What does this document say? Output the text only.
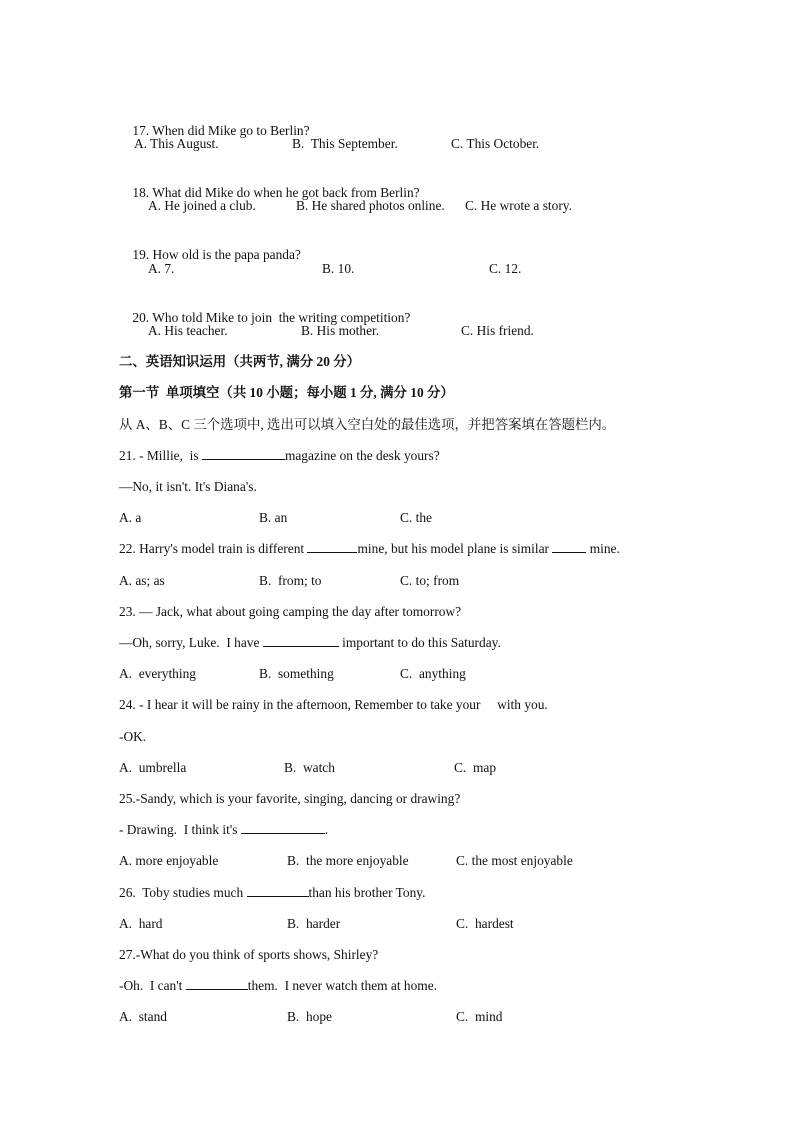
17. When did Mike go to Berlin?

A. This August.	B.  This September.	C. This October.

18. What did Mike do when he got back from Berlin?

A. He joined a club.	B. He shared photos online. C. He wrote a story.

19. How old is the papa panda?

A. 7.	B. 10.	C. 12.

20. Who told Mike to join  the writing competition?

A. His teacher.	B. His mother.	C. His friend.
二、英语知识运用（共两节, 满分 20 分）
第一节  单项填空（共 10 小题；每小题 1 分, 满分 10 分）
从 A、B、C 三个选项中, 选出可以填入空白处的最佳选项，并把答案填在答题栏内。
21. - Millie,  is	magazine on the desk yours?
—No, it isn't. It's Diana's.
A. a	B. an	C. the
22. Harry's model train is different	mine, but his model plane is similar	mine.
A. as; as	B.  from; to	C. to; from
23. — Jack, what about going camping the day after tomorrow?
—Oh, sorry, Luke.  I have	important to do this Saturday.
A.  everything	B.  something	C.  anything
24. - I hear it will be rainy in the afternoon, Remember to take your     with you.
-OK.
A.  umbrella	B.  watch	C.  map
25.-Sandy, which is your favorite, singing, dancing or drawing?
- Drawing.  I think it's	.
A. more enjoyable	B.  the more enjoyable	C. the most enjoyable
26.  Toby studies much	than his brother Tony.
A.  hard	B.  harder	C.  hardest
27.-What do you think of sports shows, Shirley?
-Oh.  I can't	them.  I never watch them at home.
A.  stand	B.  hope	C.  mind
